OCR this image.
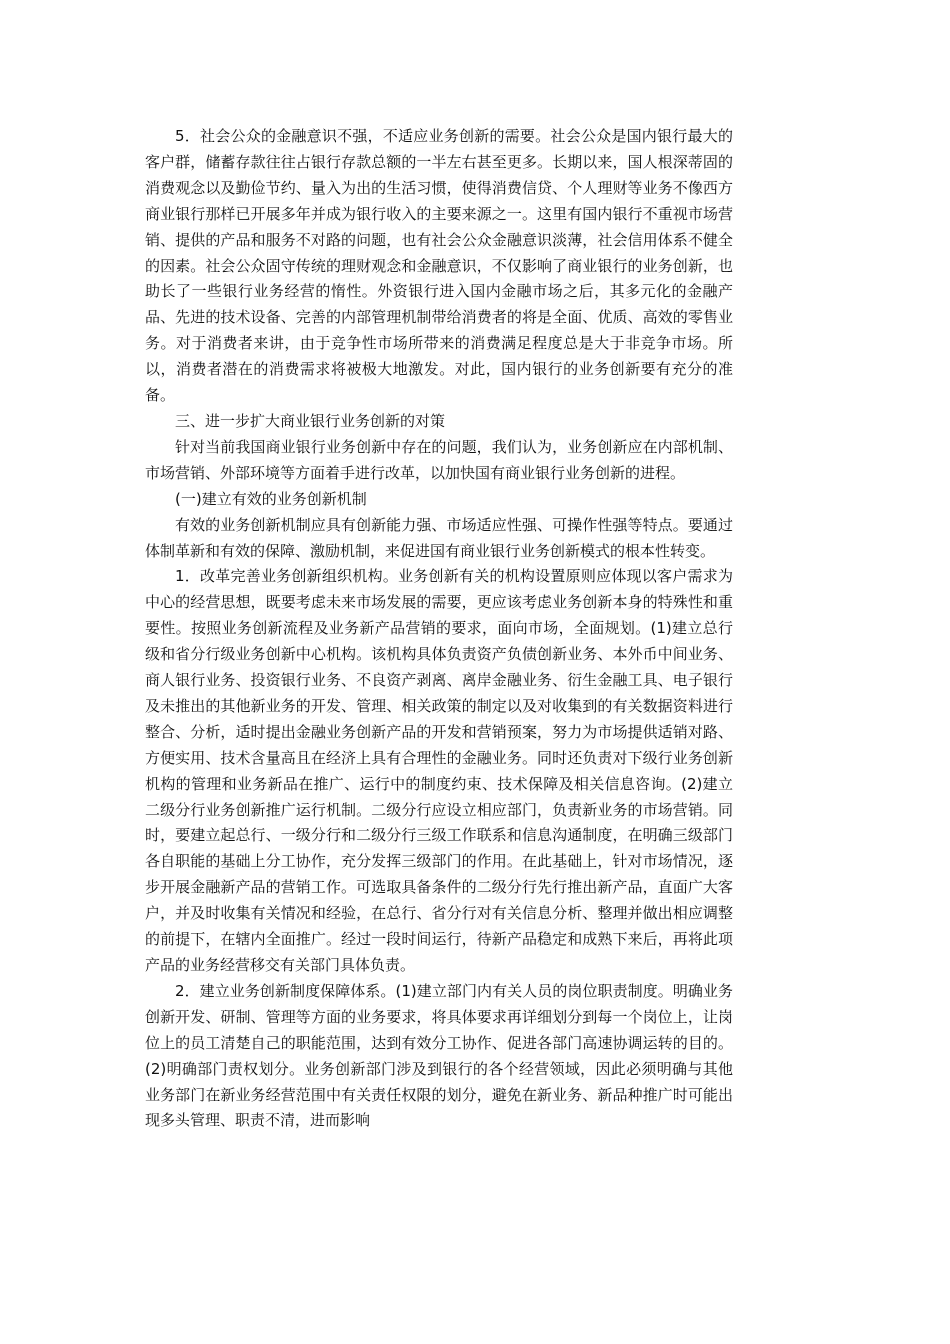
5．社会公众的金融意识不强，不适应业务创新的需要。社会公众是国内银行最大的客户群，储蓄存款往往占银行存款总额的一半左右甚至更多。长期以来，国人根深蒂固的消费观念以及勤俭节约、量入为出的生活习惯，使得消费信贷、个人理财等业务不像西方商业银行那样已开展多年并成为银行收入的主要来源之一。这里有国内银行不重视市场营销、提供的产品和服务不对路的问题，也有社会公众金融意识淡薄，社会信用体系不健全的因素。社会公众固守传统的理财观念和金融意识，不仅影响了商业银行的业务创新，也助长了一些银行业务经营的惰性。外资银行进入国内金融市场之后，其多元化的金融产品、先进的技术设备、完善的内部管理机制带给消费者的将是全面、优质、高效的零售业务。对于消费者来讲，由于竞争性市场所带来的消费满足程度总是大于非竞争市场。所以，消费者潜在的消费需求将被极大地激发。对此，国内银行的业务创新要有充分的准备。

三、进一步扩大商业银行业务创新的对策

针对当前我国商业银行业务创新中存在的问题，我们认为，业务创新应在内部机制、市场营销、外部环境等方面着手进行改革，以加快国有商业银行业务创新的进程。

(一)建立有效的业务创新机制

有效的业务创新机制应具有创新能力强、市场适应性强、可操作性强等特点。要通过体制革新和有效的保障、激励机制，来促进国有商业银行业务创新模式的根本性转变。

1．改革完善业务创新组织机构。业务创新有关的机构设置原则应体现以客户需求为中心的经营思想，既要考虑未来市场发展的需要，更应该考虑业务创新本身的特殊性和重要性。按照业务创新流程及业务新产品营销的要求，面向市场，全面规划。(1)建立总行级和省分行级业务创新中心机构。该机构具体负责资产负债创新业务、本外币中间业务、商人银行业务、投资银行业务、不良资产剥离、离岸金融业务、衍生金融工具、电子银行及未推出的其他新业务的开发、管理、相关政策的制定以及对收集到的有关数据资料进行整合、分析，适时提出金融业务创新产品的开发和营销预案，努力为市场提供适销对路、方便实用、技术含量高且在经济上具有合理性的金融业务。同时还负责对下级行业务创新机构的管理和业务新品在推广、运行中的制度约束、技术保障及相关信息咨询。(2)建立二级分行业务创新推广运行机制。二级分行应设立相应部门，负责新业务的市场营销。同时，要建立起总行、一级分行和二级分行三级工作联系和信息沟通制度，在明确三级部门各自职能的基础上分工协作，充分发挥三级部门的作用。在此基础上，针对市场情况，逐步开展金融新产品的营销工作。可选取具备条件的二级分行先行推出新产品，直面广大客户，并及时收集有关情况和经验，在总行、省分行对有关信息分析、整理并做出相应调整的前提下，在辖内全面推广。经过一段时间运行，待新产品稳定和成熟下来后，再将此项产品的业务经营移交有关部门具体负责。

2．建立业务创新制度保障体系。(1)建立部门内有关人员的岗位职责制度。明确业务创新开发、研制、管理等方面的业务要求，将具体要求再详细划分到每一个岗位上，让岗位上的员工清楚自己的职能范围，达到有效分工协作、促进各部门高速协调运转的目的。(2)明确部门责权划分。业务创新部门涉及到银行的各个经营领域，因此必须明确与其他业务部门在新业务经营范围中有关责任权限的划分，避免在新业务、新品种推广时可能出现多头管理、职责不清，进而影响
